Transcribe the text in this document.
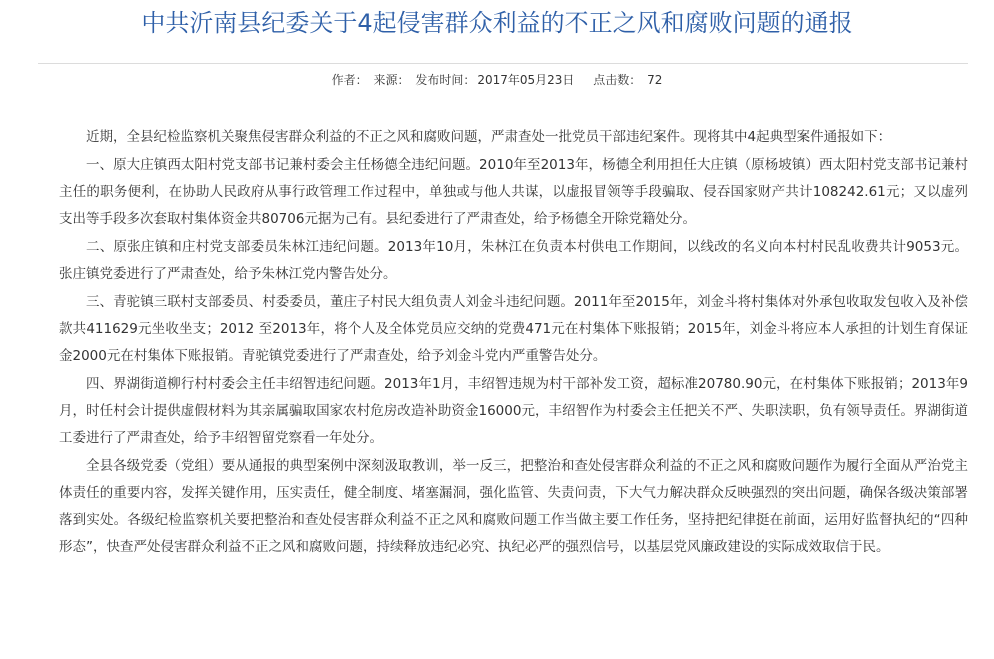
中共沂南县纪委关于4起侵害群众利益的不正之风和腐败问题的通报
作者： 来源： 发布时间： 2017年05月23日 点击数： 72

近期，全县纪检监察机关聚焦侵害群众利益的不正之风和腐败问题，严肃查处一批党员干部违纪案件。现将其中4起典型案件通报如下：

一、原大庄镇西太阳村党支部书记兼村委会主任杨德全违纪问题。2010年至2013年，杨德全利用担任大庄镇（原杨坡镇）西太阳村党支部书记兼村主任的职务便利，在协助人民政府从事行政管理工作过程中，单独或与他人共谋，以虚报冒领等手段骗取、侵吞国家财产共计108242.61元；又以虚列支出等手段多次套取村集体资金共80706元据为己有。县纪委进行了严肃查处，给予杨德全开除党籍处分。

二、原张庄镇和庄村党支部委员朱林江违纪问题。2013年10月，朱林江在负责本村供电工作期间，以线改的名义向本村村民乱收费共计9053元。张庄镇党委进行了严肃查处，给予朱林江党内警告处分。

三、青驼镇三联村支部委员、村委委员，董庄子村民大组负责人刘金斗违纪问题。2011年至2015年，刘金斗将村集体对外承包收取发包收入及补偿款共411629元坐收坐支；2012 至2013年，将个人及全体党员应交纳的党费471元在村集体下账报销；2015年，刘金斗将应本人承担的计划生育保证金2000元在村集体下账报销。青驼镇党委进行了严肃查处，给予刘金斗党内严重警告处分。

四、界湖街道柳行村村委会主任丰绍智违纪问题。2013年1月，丰绍智违规为村干部补发工资，超标准20780.90元，在村集体下账报销；2013年9月，时任村会计提供虚假材料为其亲属骗取国家农村危房改造补助资金16000元，丰绍智作为村委会主任把关不严、失职渎职，负有领导责任。界湖街道工委进行了严肃查处，给予丰绍智留党察看一年处分。

全县各级党委（党组）要从通报的典型案例中深刻汲取教训，举一反三，把整治和查处侵害群众利益的不正之风和腐败问题作为履行全面从严治党主体责任的重要内容，发挥关键作用，压实责任，健全制度、堵塞漏洞，强化监管、失责问责，下大气力解决群众反映强烈的突出问题，确保各级决策部署落到实处。各级纪检监察机关要把整治和查处侵害群众利益不正之风和腐败问题工作当做主要工作任务，坚持把纪律挺在前面，运用好监督执纪的“四种形态”，快查严处侵害群众利益不正之风和腐败问题，持续释放违纪必究、执纪必严的强烈信号，以基层党风廉政建设的实际成效取信于民。
